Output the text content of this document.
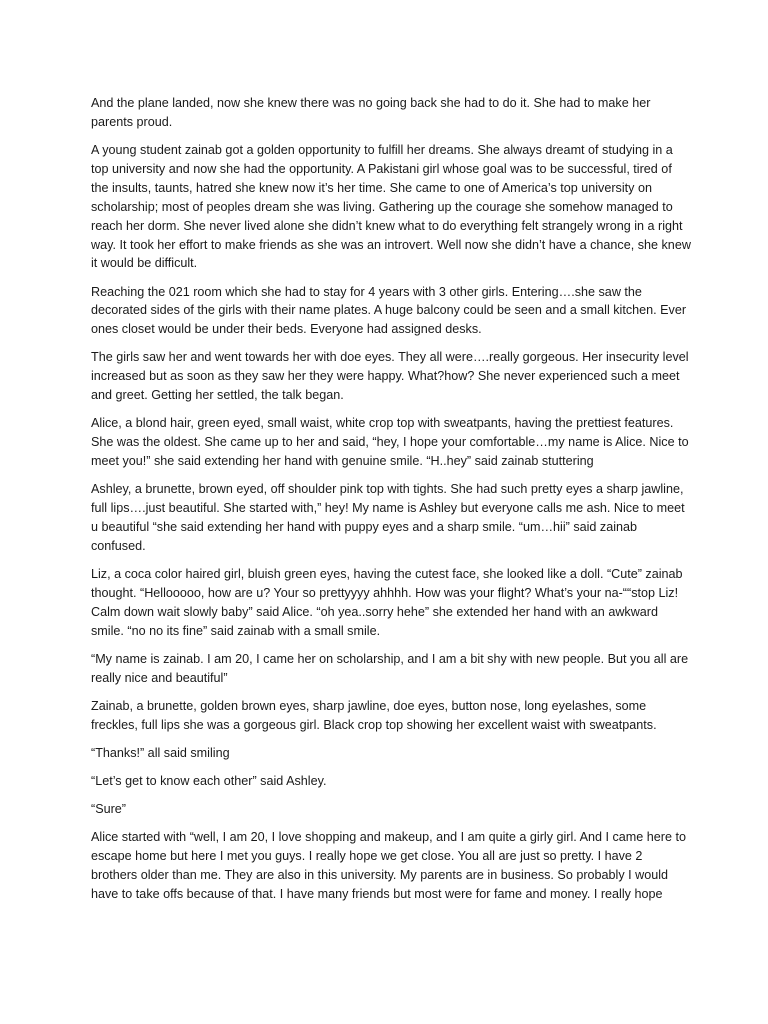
And the plane landed, now she knew there was no going back she had to do it. She had to make her parents proud.

A young student zainab got a golden opportunity to fulfill her dreams. She always dreamt of studying in a top university and now she had the opportunity. A Pakistani girl whose goal was to be successful, tired of the insults, taunts, hatred she knew now it’s her time. She came to one of America’s top university on scholarship; most of peoples dream she was living. Gathering up the courage she somehow managed to reach her dorm. She never lived alone she didn’t knew what to do everything felt strangely wrong in a right way. It took her effort to make friends as she was an introvert. Well now she didn’t have a chance, she knew it would be difficult.

Reaching the 021 room which she had to stay for 4 years with 3 other girls. Entering….she saw the decorated sides of the girls with their name plates. A huge balcony could be seen and a small kitchen. Ever ones closet would be under their beds. Everyone had assigned desks.

The girls saw her and went towards her with doe eyes. They all were….really gorgeous. Her insecurity level increased but as soon as they saw her they were happy. What?how? She never experienced such a meet and greet. Getting her settled, the talk began.

Alice, a blond hair, green eyed, small waist, white crop top with sweatpants, having the prettiest features. She was the oldest. She came up to her and said, “hey, I hope your comfortable…my name is Alice. Nice to meet you!” she said extending her hand with genuine smile. “H..hey” said zainab stuttering

Ashley, a brunette, brown eyed, off shoulder pink top with tights. She had such pretty eyes a sharp jawline, full lips….just beautiful. She started with,” hey! My name is Ashley but everyone calls me ash. Nice to meet u beautiful “she said extending her hand with puppy eyes and a sharp smile. “um…hii” said zainab confused.

Liz, a coca color haired girl, bluish green eyes, having the cutest face, she looked like a doll. “Cute” zainab thought. “Hellooooo, how are u? Your so prettyyyy ahhhh. How was your flight? What’s your na-““stop Liz! Calm down wait slowly baby” said Alice. “oh yea..sorry hehe” she extended her hand with an awkward smile. “no no its fine” said zainab with a small smile.

“My name is zainab. I am 20, I came her on scholarship, and I am a bit shy with new people. But you all are really nice and beautiful”

Zainab, a brunette, golden brown eyes, sharp jawline, doe eyes, button nose, long eyelashes, some freckles, full lips she was a gorgeous girl. Black crop top showing her excellent waist with sweatpants.

“Thanks!” all said smiling

“Let’s get to know each other” said Ashley.

“Sure”

Alice started with “well, I am 20, I love shopping and makeup, and I am quite a girly girl. And I came here to escape home but here I met you guys. I really hope we get close. You all are just so pretty. I have 2 brothers older than me. They are also in this university. My parents are in business. So probably I would have to take offs because of that. I have many friends but most were for fame and money. I really hope
